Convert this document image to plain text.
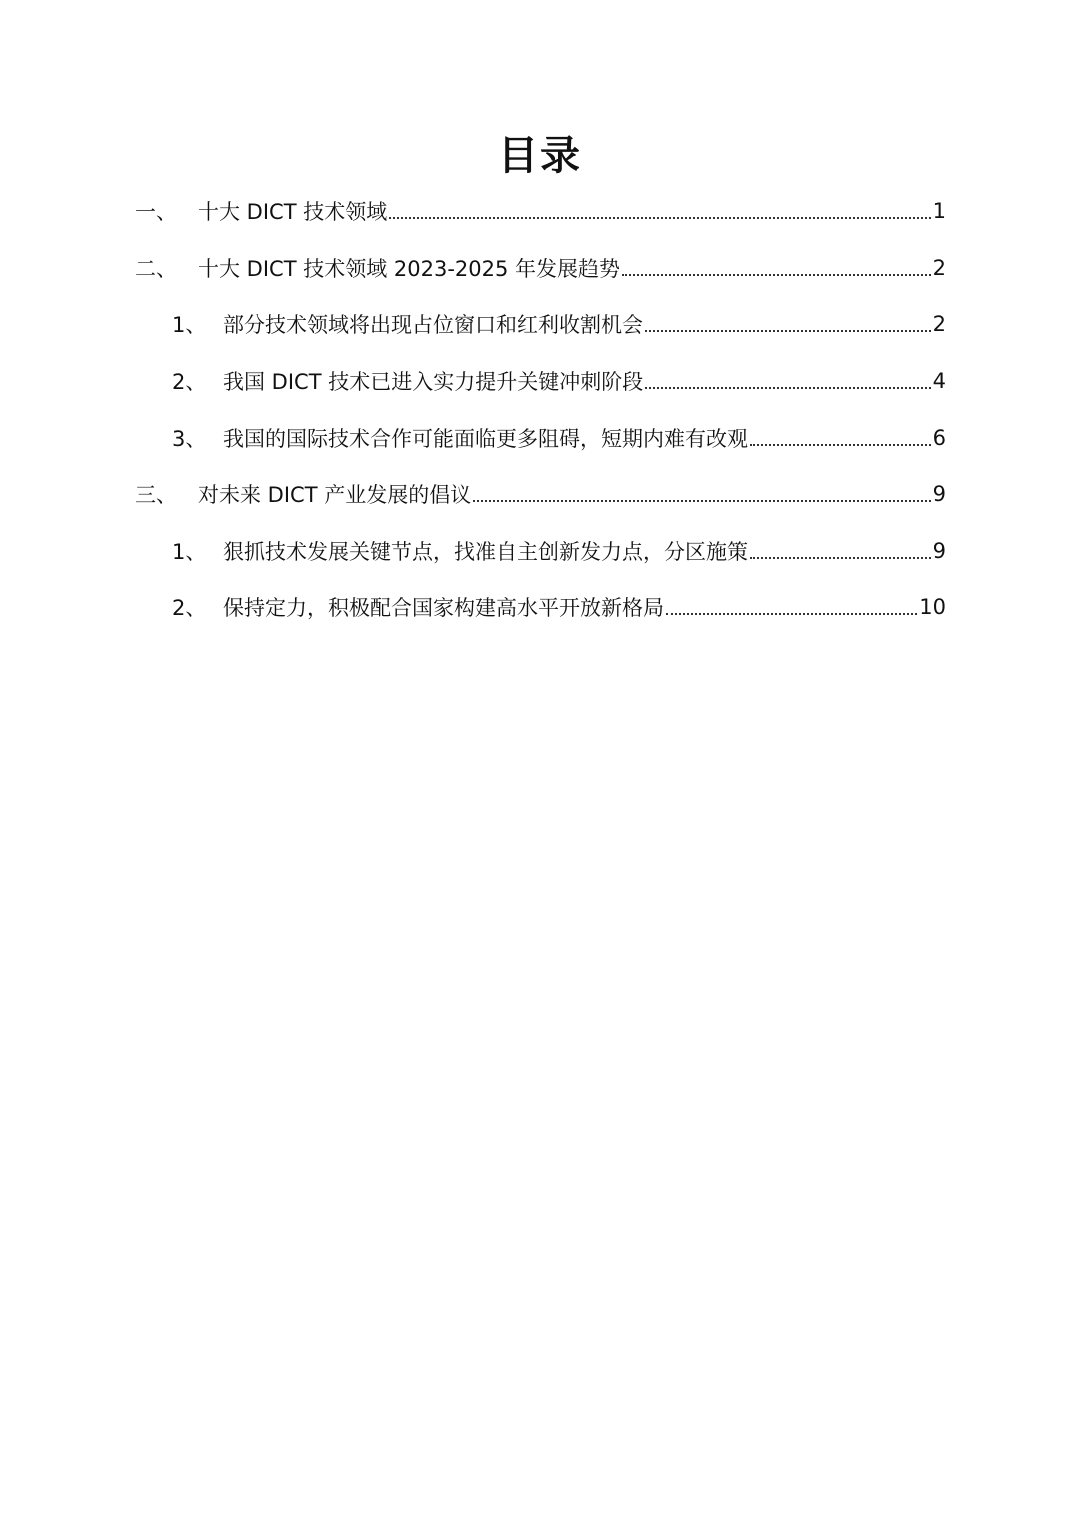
目录
一、	十大 DICT 技术领域	1
二、	十大 DICT 技术领域 2023-2025 年发展趋势	2
1、 部分技术领域将出现占位窗口和红利收割机会	2
2、 我国 DICT 技术已进入实力提升关键冲刺阶段	4
3、 我国的国际技术合作可能面临更多阻碍，短期内难有改观	6
三、	对未来 DICT 产业发展的倡议	9
1、 狠抓技术发展关键节点，找准自主创新发力点，分区施策	9
2、 保持定力，积极配合国家构建高水平开放新格局	10
